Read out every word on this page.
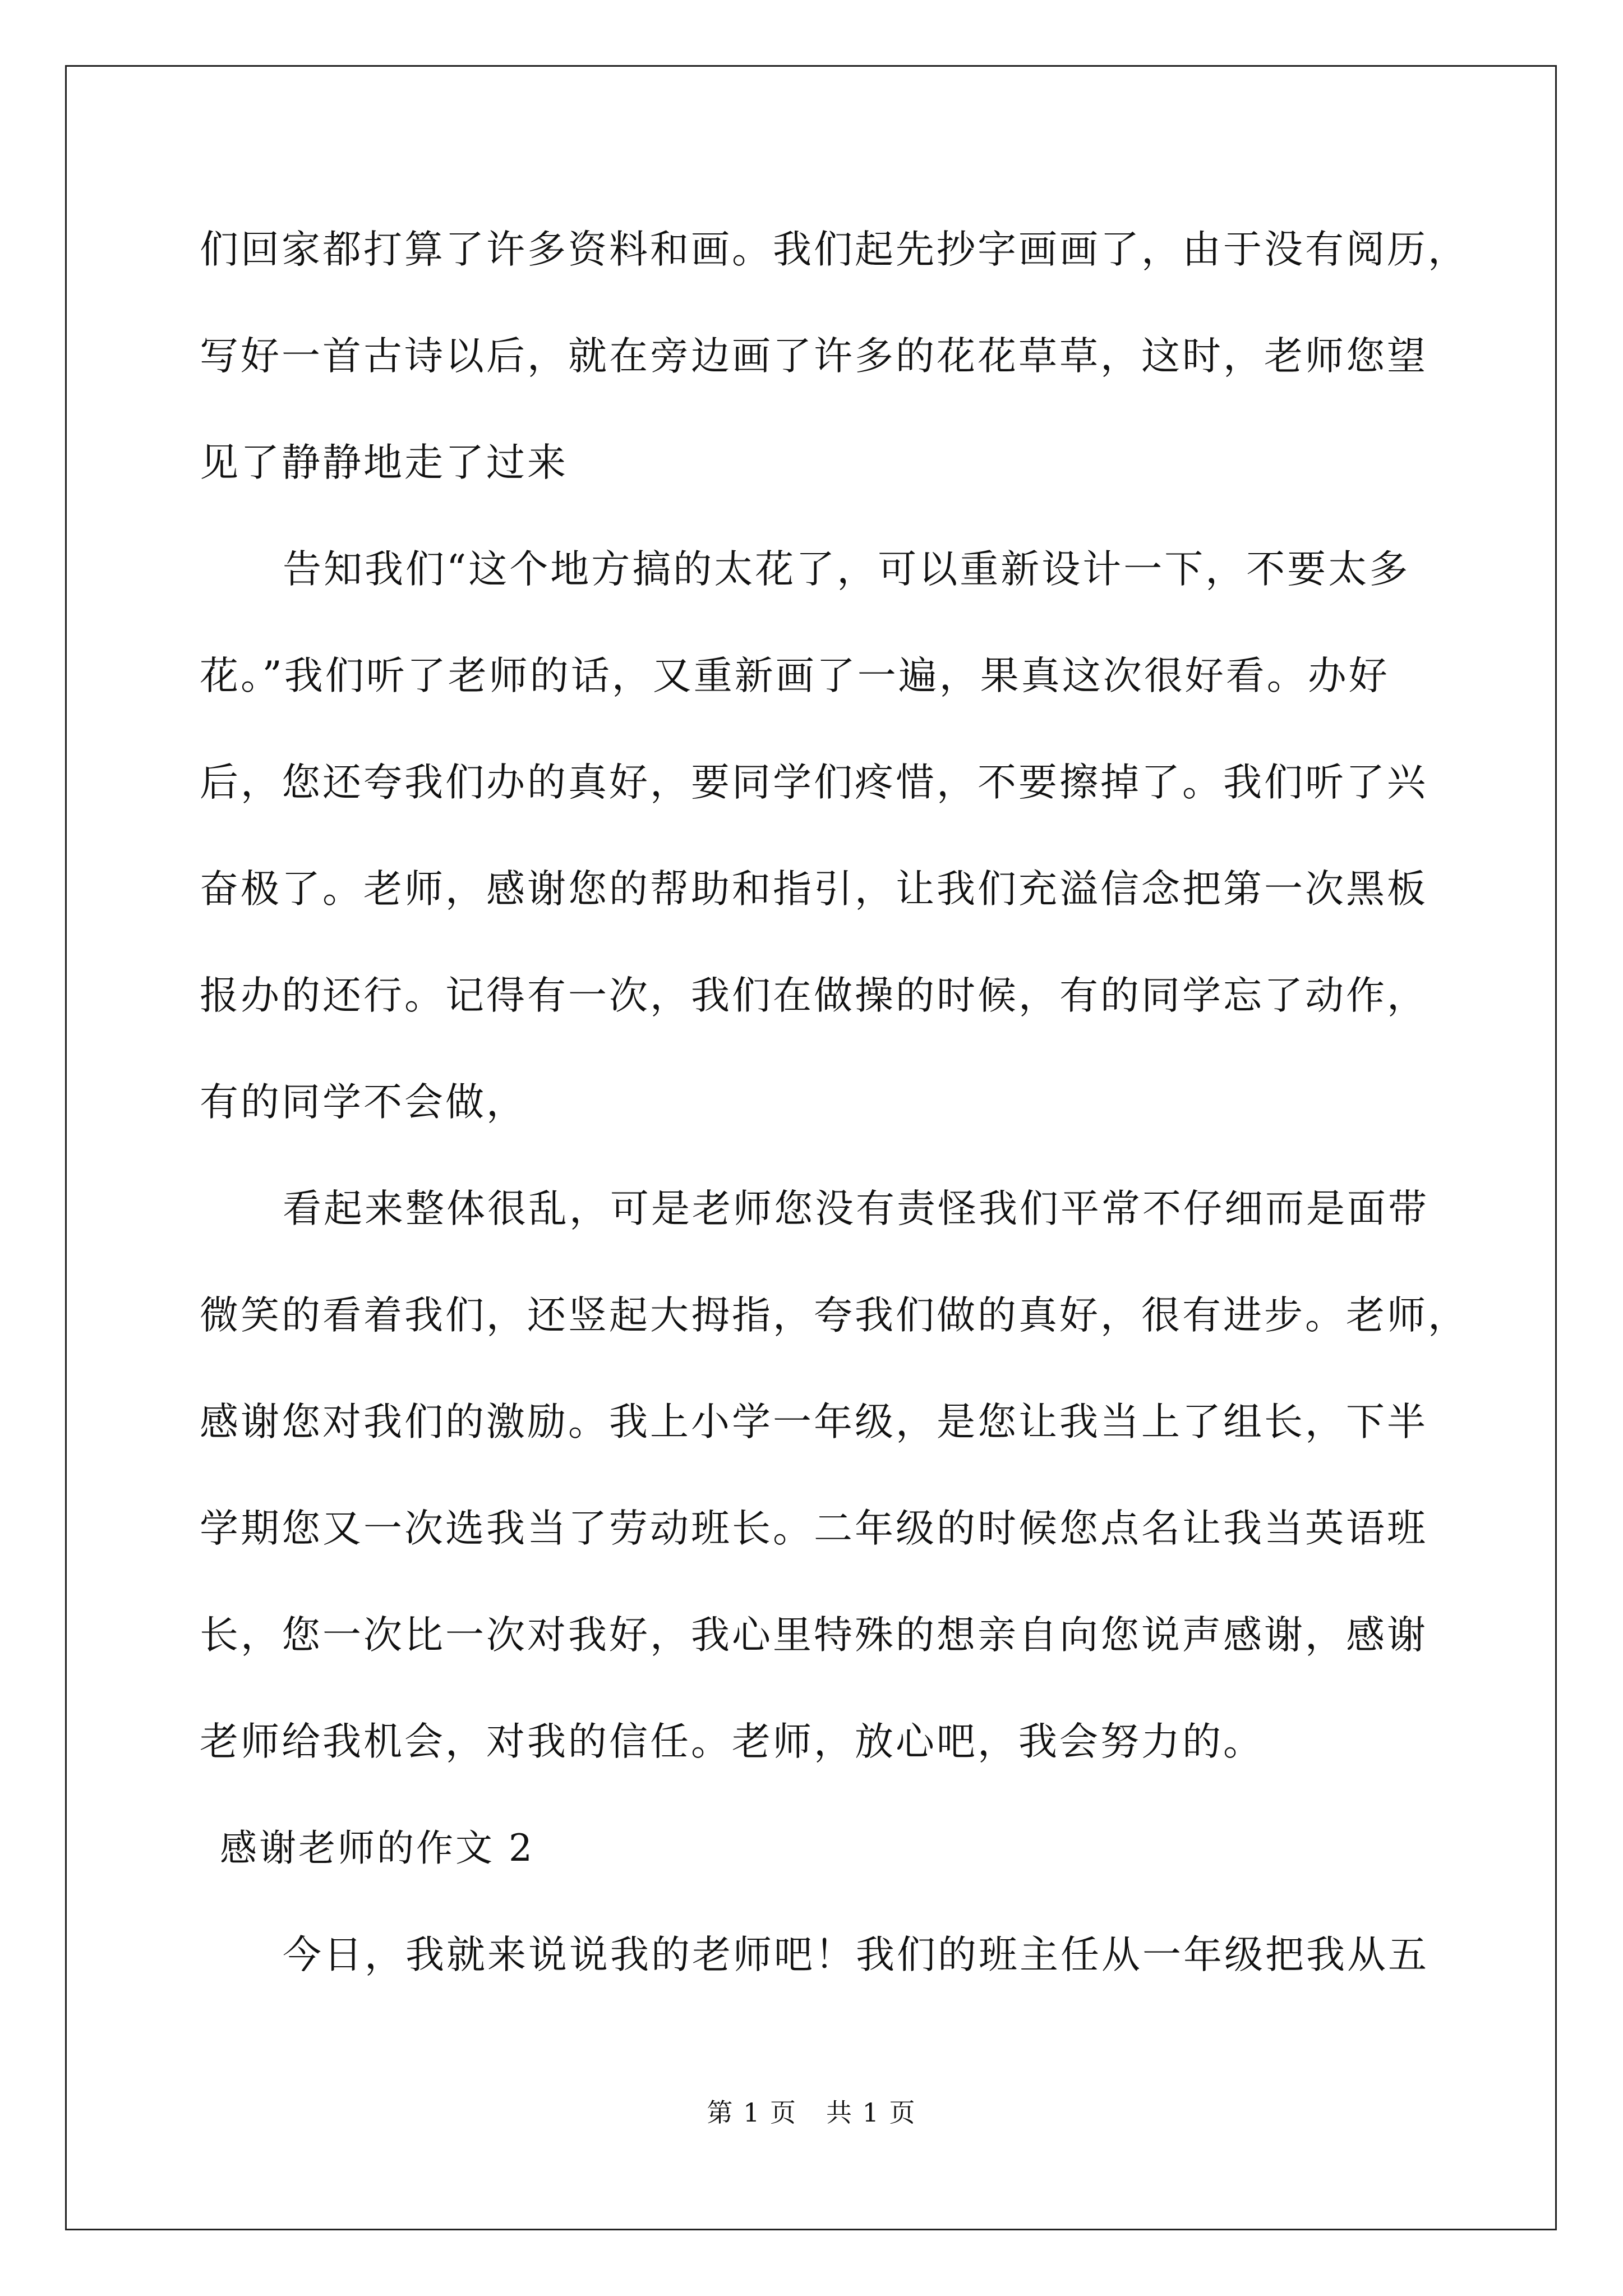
们回家都打算了许多资料和画。我们起先抄字画画了，由于没有阅历，

写好一首古诗以后，就在旁边画了许多的花花草草，这时，老师您望

见了静静地走了过来

告知我们“这个地方搞的太花了，可以重新设计一下，不要太多

花。”我们听了老师的话，又重新画了一遍，果真这次很好看。办好

后，您还夸我们办的真好，要同学们疼惜，不要擦掉了。我们听了兴

奋极了。老师，感谢您的帮助和指引，让我们充溢信念把第一次黑板

报办的还行。记得有一次，我们在做操的时候，有的同学忘了动作，

有的同学不会做，

看起来整体很乱，可是老师您没有责怪我们平常不仔细而是面带

微笑的看着我们，还竖起大拇指，夸我们做的真好，很有进步。老师，

感谢您对我们的激励。我上小学一年级，是您让我当上了组长，下半

学期您又一次选我当了劳动班长。二年级的时候您点名让我当英语班

长，您一次比一次对我好，我心里特殊的想亲自向您说声感谢，感谢

老师给我机会，对我的信任。老师，放心吧，我会努力的。

感谢老师的作文 2

今日，我就来说说我的老师吧！我们的班主任从一年级把我从五

第 1 页 共 1 页
